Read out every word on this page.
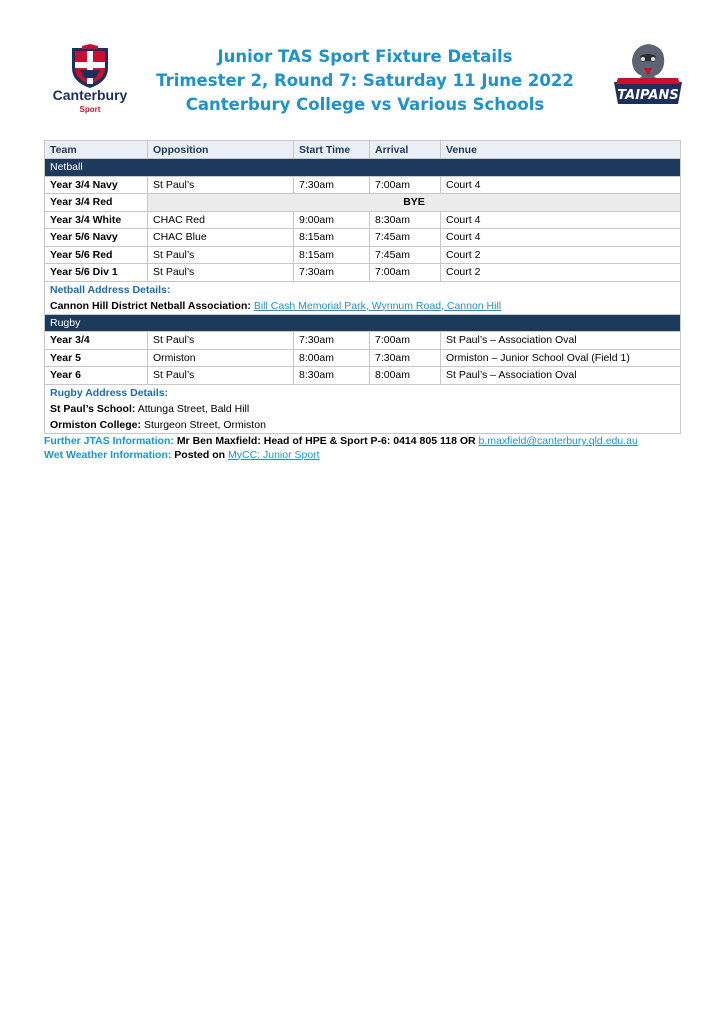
Canterbury
Sport
Junior TAS Sport Fixture Details
Trimester 2, Round 7: Saturday 11 June 2022
Canterbury College vs Various Schools	TAIPANS
Team	Opposition	Start Time	Arrival	Venue
Netball				
Year 3/4 Navy	St Paul’s	7:30am	7:00am	Court 4
Year 3/4 Red	BYE			
Year 3/4 White	CHAC Red	9:00am	8:30am	Court 4
Year 5/6 Navy	CHAC Blue	8:15am	7:45am	Court 4
Year 5/6 Red	St Paul’s	8:15am	7:45am	Court 2
Year 5/6 Div 1	St Paul’s	7:30am	7:00am	Court 2

Netball Address Details:
Cannon Hill District Netball Association: Bill Cash Memorial Park, Wynnum Road, Cannon Hill				

Rugby				
Year 3/4	St Paul’s	7:30am	7:00am	St Paul’s – Association Oval
Year 5	Ormiston	8:00am	7:30am	Ormiston – Junior School Oval (Field 1)
Year 6	St Paul’s	8:30am	8:00am	St Paul’s – Association Oval

Rugby Address Details:
St Paul’s School: Attunga Street, Bald Hill
Ormiston College: Sturgeon Street, Ormiston				
Further JTAS Information: Mr Ben Maxfield: Head of HPE & Sport P-6: 0414 805 118 OR b.maxfield@canterbury.qld.edu.au
Wet Weather Information: Posted on MyCC: Junior Sport
